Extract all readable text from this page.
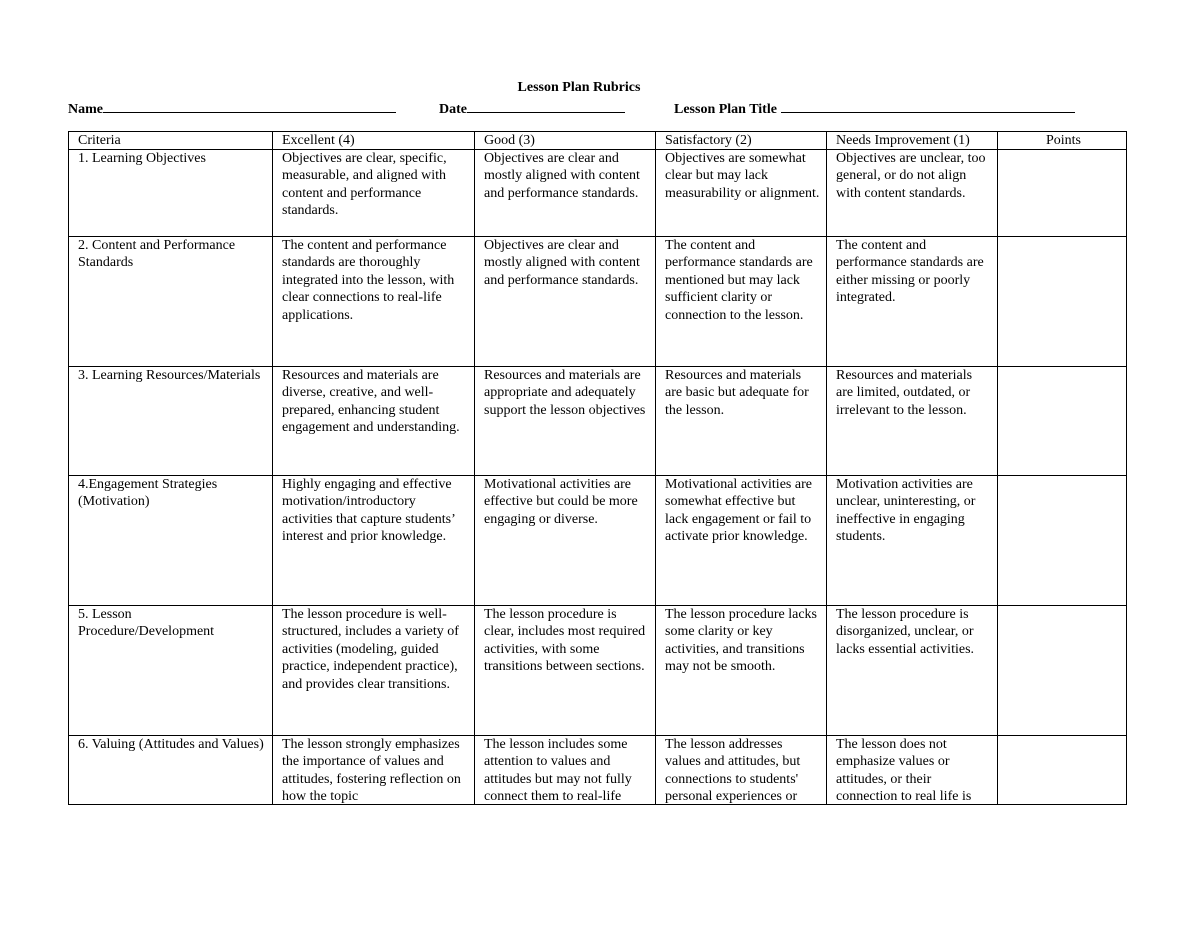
Lesson Plan Rubrics
Name	Date	Lesson Plan Title
Criteria	Excellent (4)	Good (3)	Satisfactory (2)	Needs Improvement (1)	Points
1. Learning Objectives	Objectives are clear, specific, measurable, and aligned with content and performance standards.	Objectives are clear and mostly aligned with content and performance standards.	Objectives are somewhat clear but may lack measurability or alignment.	Objectives are unclear, too general, or do not align with content standards.	
2. Content and Performance Standards	The content and performance standards are thoroughly integrated into the lesson, with clear connections to real-life applications.	Objectives are clear and mostly aligned with content and performance standards.	The content and performance standards are mentioned but may lack sufficient clarity or connection to the lesson.	The content and performance standards are either missing or poorly integrated.	
3. Learning Resources/Materials	Resources and materials are diverse, creative, and well-prepared, enhancing student engagement and understanding.	Resources and materials are appropriate and adequately support the lesson objectives	Resources and materials are basic but adequate for the lesson.	Resources and materials are limited, outdated, or irrelevant to the lesson.	
4.Engagement Strategies (Motivation)	Highly engaging and effective motivation/introductory activities that capture students’ interest and prior knowledge.	Motivational activities are effective but could be more engaging or diverse.	Motivational activities are somewhat effective but lack engagement or fail to activate prior knowledge.	Motivation activities are unclear, uninteresting, or ineffective in engaging students.	
5. Lesson Procedure/Development	The lesson procedure is well-structured, includes a variety of activities (modeling, guided practice, independent practice), and provides clear transitions.	The lesson procedure is clear, includes most required activities, with some transitions between sections.	The lesson procedure lacks some clarity or key activities, and transitions may not be smooth.	The lesson procedure is disorganized, unclear, or lacks essential activities.	

6. Valuing (Attitudes and Values)	The lesson strongly emphasizes the importance of values and attitudes, fostering reflection on how the topic	The lesson includes some attention to values and attitudes but may not fully connect them to real-life	The lesson addresses values and attitudes, but connections to students' personal experiences or	The lesson does not emphasize values or attitudes, or their connection to real life is	
